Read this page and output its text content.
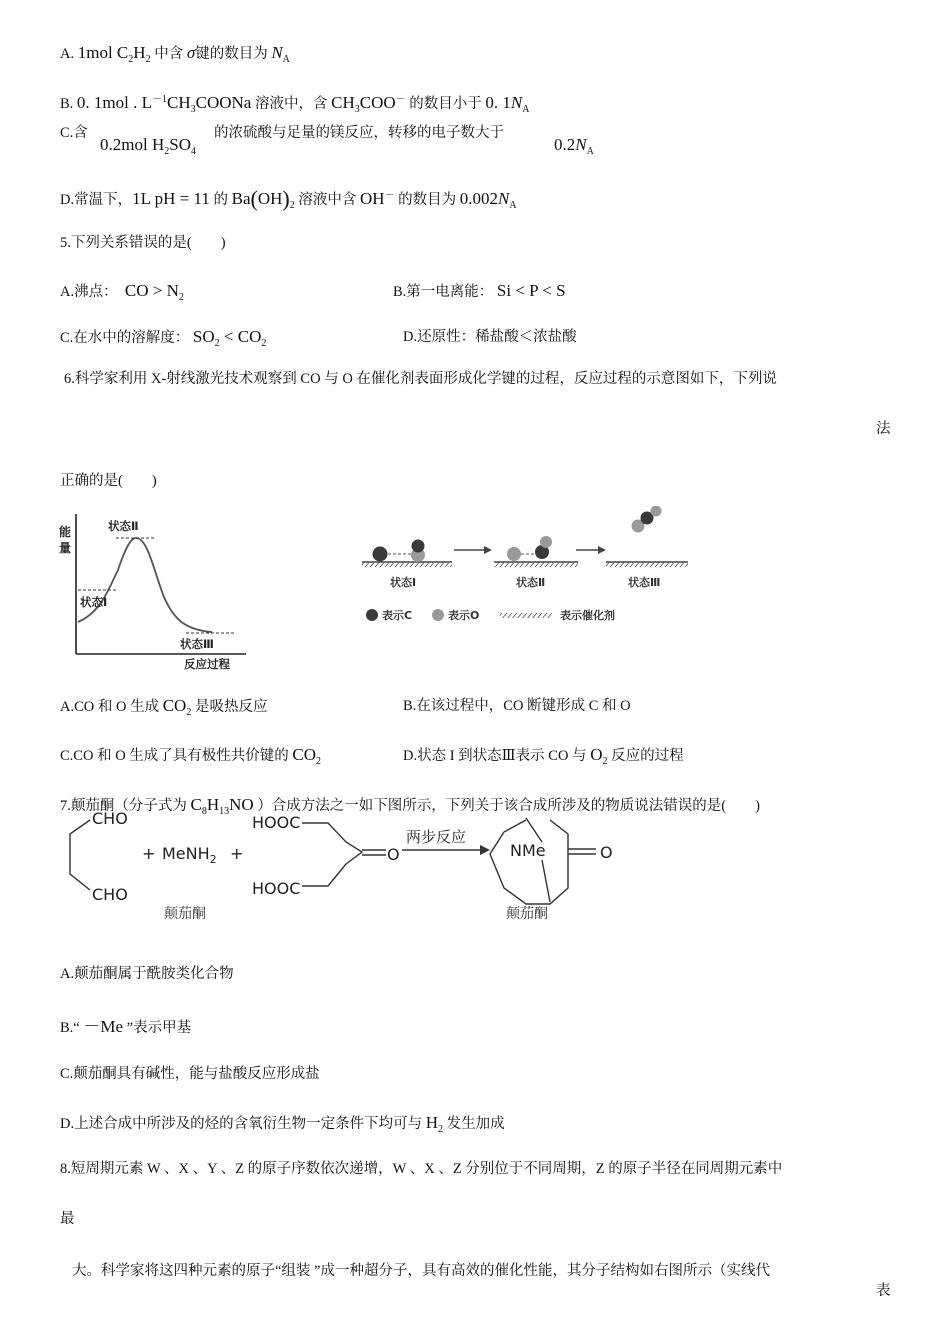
A. 1mol $C_2H_2$ 中含 σ键的数目为 $N_A$
B. 0. 1mol . $L^{-1}CH_3COONa$ 溶液中，含 $CH_3COO^-$ 的数目小于 0. $1N_A$
C.含
0.2mol $H_2SO_4$
的浓硫酸与足量的镁反应，转移的电子数大于
$0.2N_A$
D.常温下，1L pH = 11 的 $Ba(OH)_2$ 溶液中含 OH－ 的数目为 $0.002N_A$
5.下列关系错误的是(　　)
A.沸点： CO > $N_2$	B.第一电离能： Si < P < S
C.在水中的溶解度： $SO_2 < CO_2$	D.还原性：稀盐酸＜浓盐酸
6.科学家利用 X-射线激光技术观察到 CO 与 O 在催化剂表面形成化学键的过程，反应过程的示意图如下，下列说
法
正确的是(　　)
能
量
状态Ⅱ
状态Ⅰ
状态Ⅲ
反应过程
状态Ⅰ	状态Ⅱ	状态Ⅲ
表示C	表示O	表示催化剂
A.CO 和 O 生成 $CO_2$ 是吸热反应	B.在该过程中，CO 断键形成 C 和 O
C.CO 和 O 生成了具有极性共价键的 $CO_2$	D.状态 I 到状态Ⅲ表示 CO 与 $O_2$ 反应的过程
7.颠茄酮（分子式为 $C_8H_{13}NO$ ）合成方法之一如下图所示，下列关于该合成所涉及的物质说法错误的是(　　)
CHO
CHO
+ MeNH$_2$ +
HOOC
HOOC
O	NMe	O
两步反应
颠茄酮	颠茄酮
A.颠茄酮属于酰胺类化合物
B.“ －Me ”表示甲基
C.颠茄酮具有碱性，能与盐酸反应形成盐
D.上述合成中所涉及的烃的含氧衍生物一定条件下均可与 $H_2$ 发生加成
8.短周期元素 W 、X 、Y 、Z 的原子序数依次递增，W 、X 、Z 分别位于不同周期，Z 的原子半径在同周期元素中
最
大。科学家将这四种元素的原子“组装 ”成一种超分子，具有高效的催化性能，其分子结构如右图所示（实线代
表
